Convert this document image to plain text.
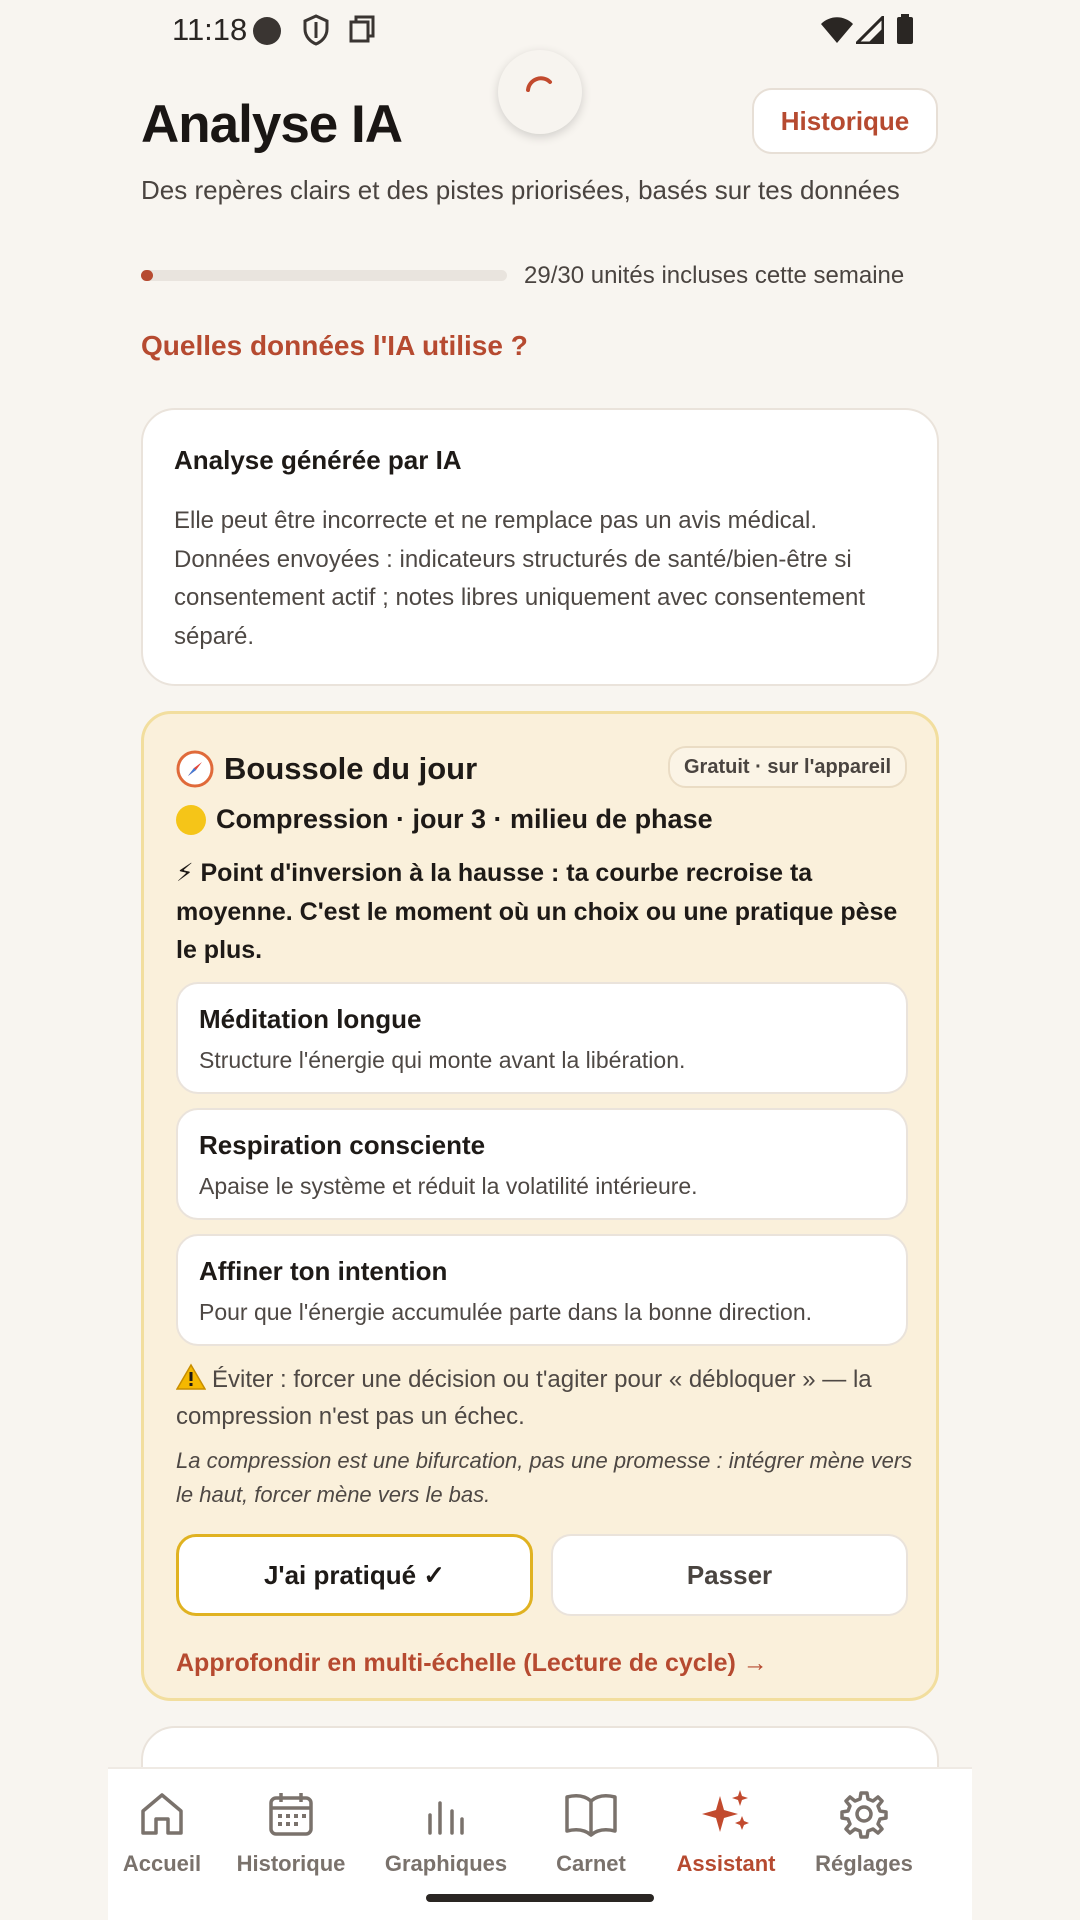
11:18
Analyse IA	Historique

Des repères clairs et des pistes priorisées, basés sur tes données

29/30 unités incluses cette semaine
Quelles données l'IA utilise ?
Analyse générée par IA

Elle peut être incorrecte et ne remplace pas un avis médical. Données envoyées : indicateurs structurés de santé/bien-être si consentement actif ; notes libres uniquement avec consentement séparé.

Boussole du jour	Gratuit · sur l'appareil
Compression · jour 3 · milieu de phase

⚡ Point d'inversion à la hausse : ta courbe recroise ta moyenne. C'est le moment où un choix ou une pratique pèse le plus.

Méditation longue
Structure l'énergie qui monte avant la libération.
Respiration consciente
Apaise le système et réduit la volatilité intérieure.
Affiner ton intention
Pour que l'énergie accumulée parte dans la bonne direction.

Éviter : forcer une décision ou t'agiter pour « débloquer » — la compression n'est pas un échec.

La compression est une bifurcation, pas une promesse : intégrer mène vers le haut, forcer mène vers le bas.

J'ai pratiqué ✓	Passer
Approfondir en multi-échelle (Lecture de cycle) →
Accueil Historique Graphiques Carnet Assistant Réglages
